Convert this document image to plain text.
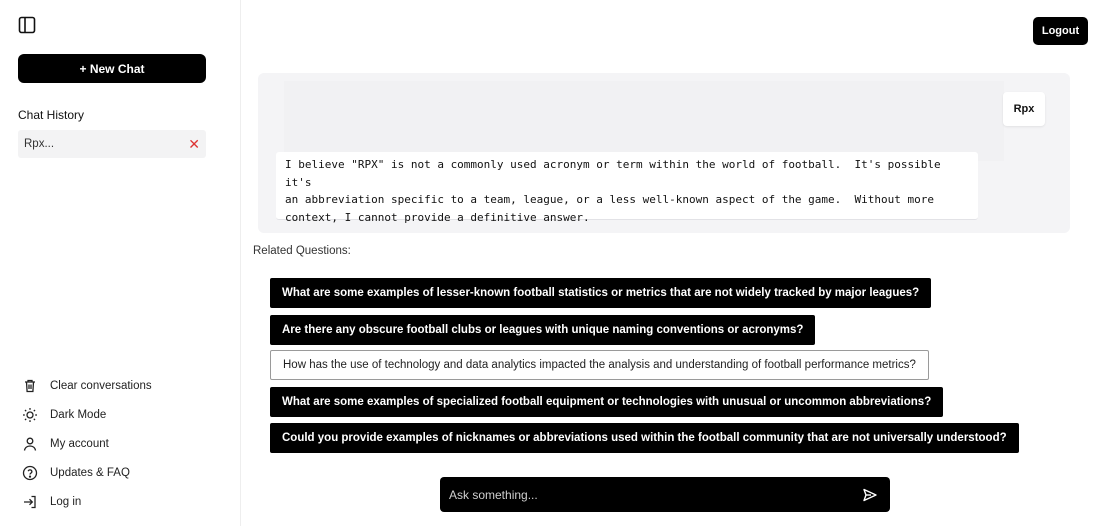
+ New Chat
Chat History
Rpx...	✕
Clear conversations
Dark Mode
My account
Updates & FAQ
Log in
Logout
Rpx

I believe "RPX" is not a commonly used acronym or term within the world of football.  It's possible it's
an abbreviation specific to a team, league, or a less well-known aspect of the game.  Without more
context, I cannot provide a definitive answer.

Related Questions:
What are some examples of lesser-known football statistics or metrics that are not widely tracked by major leagues?
Are there any obscure football clubs or leagues with unique naming conventions or acronyms?
How has the use of technology and data analytics impacted the analysis and understanding of football performance metrics?
What are some examples of specialized football equipment or technologies with unusual or uncommon abbreviations?
Could you provide examples of nicknames or abbreviations used within the football community that are not universally understood?
Ask something...
